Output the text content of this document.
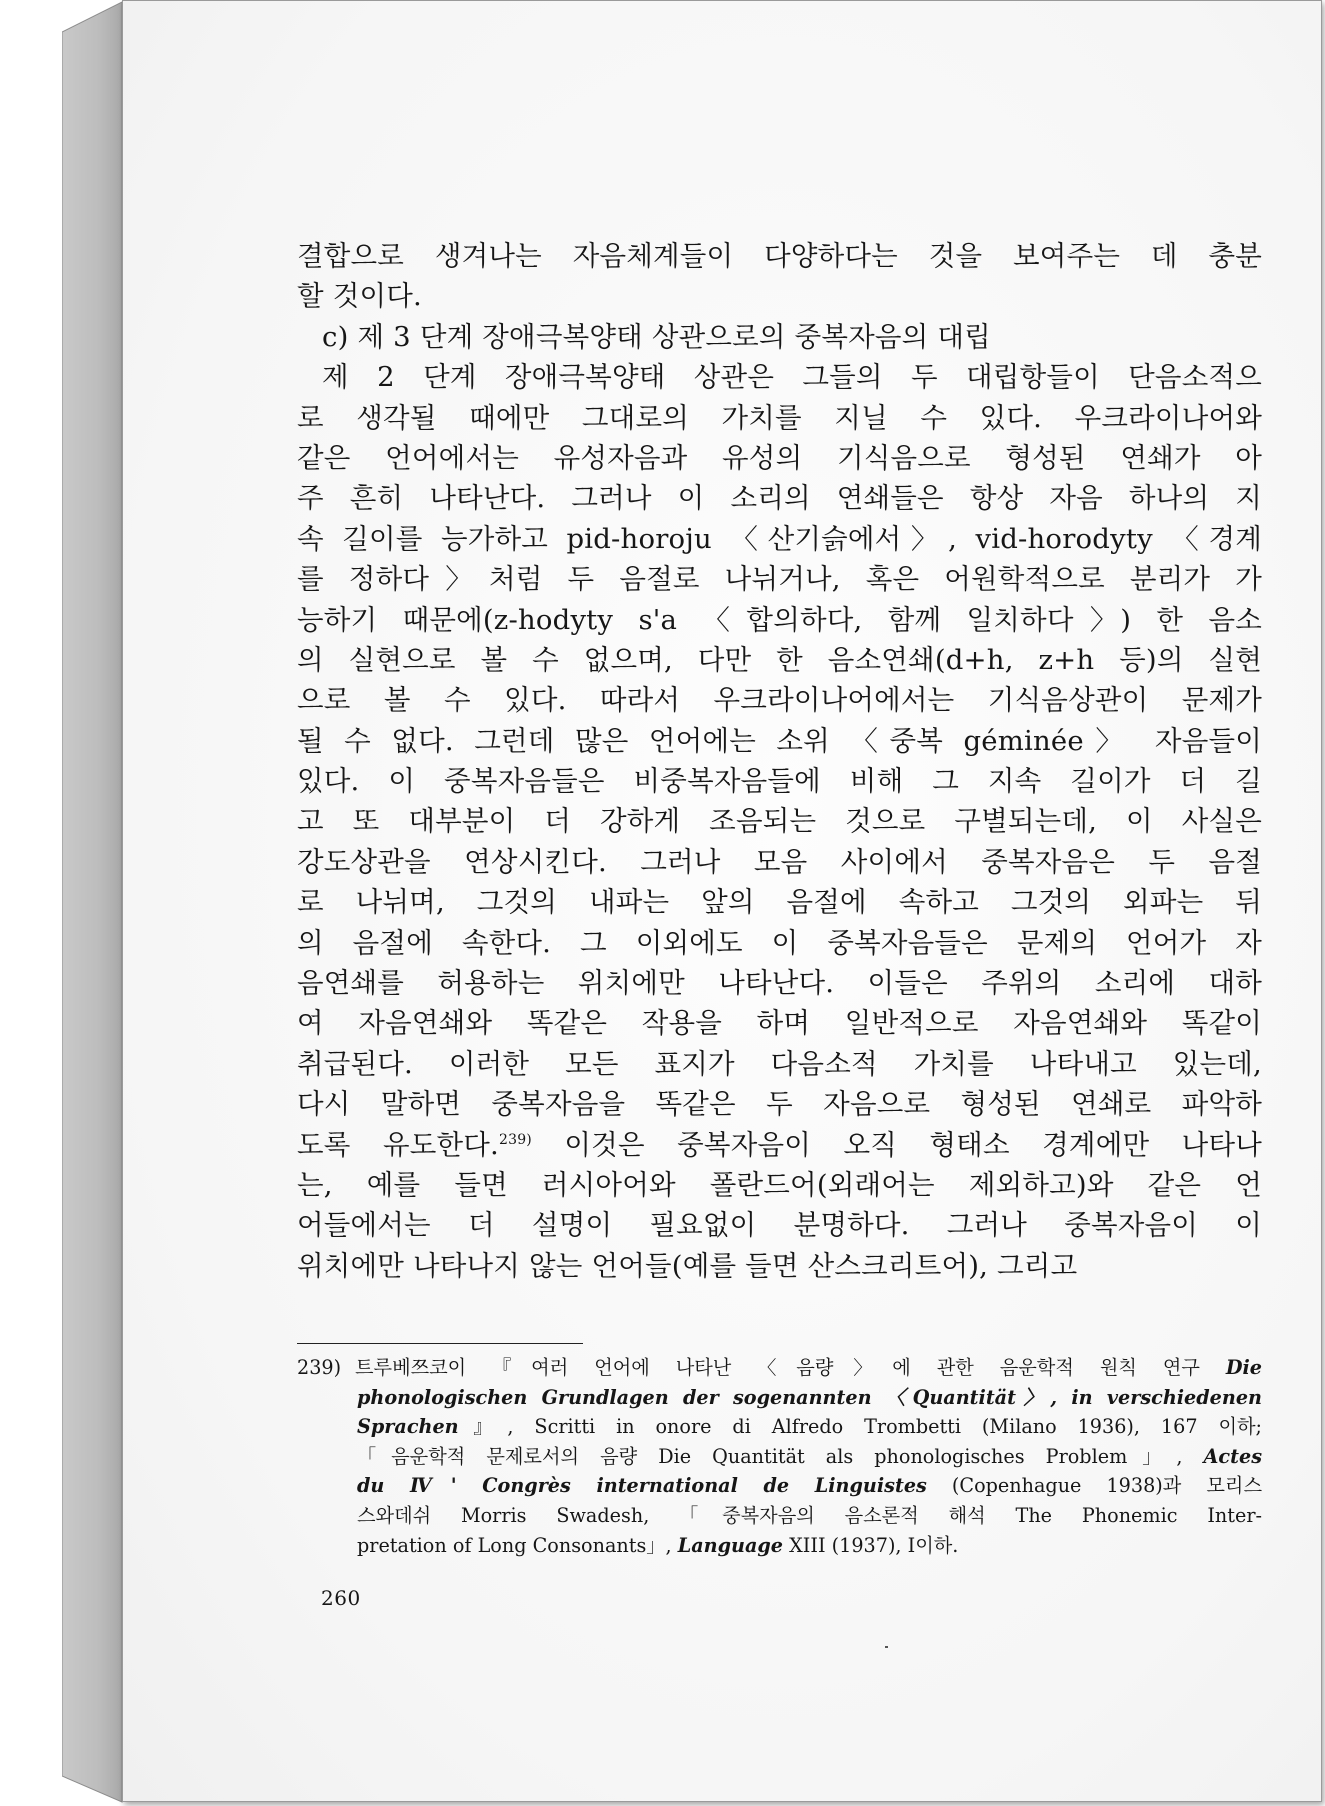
결합으로 생겨나는 자음체계들이 다양하다는 것을 보여주는 데 충분
할 것이다.
c) 제 3 단계 장애극복양태 상관으로의 중복자음의 대립
제 2 단계 장애극복양태 상관은 그들의 두 대립항들이 단음소적으
로 생각될 때에만 그대로의 가치를 지닐 수 있다. 우크라이나어와
같은 언어에서는 유성자음과 유성의 기식음으로 형성된 연쇄가 아
주 흔히 나타난다. 그러나 이 소리의 연쇄들은 항상 자음 하나의 지
속 길이를 능가하고 pid-horoju 〈산기슭에서〉, vid-horodyty 〈경계
를 정하다〉처럼 두 음절로 나뉘거나, 혹은 어원학적으로 분리가 가
능하기 때문에(z-hodyty s'a 〈합의하다, 함께 일치하다〉) 한 음소
의 실현으로 볼 수 없으며, 다만 한 음소연쇄(d+h, z+h 등)의 실현
으로 볼 수 있다. 따라서 우크라이나어에서는 기식음상관이 문제가
될 수 없다. 그런데 많은 언어에는 소위 〈중복 géminée〉 자음들이
있다. 이 중복자음들은 비중복자음들에 비해 그 지속 길이가 더 길
고 또 대부분이 더 강하게 조음되는 것으로 구별되는데, 이 사실은
강도상관을 연상시킨다. 그러나 모음 사이에서 중복자음은 두 음절
로 나뉘며, 그것의 내파는 앞의 음절에 속하고 그것의 외파는 뒤
의 음절에 속한다. 그 이외에도 이 중복자음들은 문제의 언어가 자
음연쇄를 허용하는 위치에만 나타난다. 이들은 주위의 소리에 대하
여 자음연쇄와 똑같은 작용을 하며 일반적으로 자음연쇄와 똑같이
취급된다. 이러한 모든 표지가 다음소적 가치를 나타내고 있는데,
다시 말하면 중복자음을 똑같은 두 자음으로 형성된 연쇄로 파악하
도록 유도한다.$^{239)}$ 이것은 중복자음이 오직 형태소 경계에만 나타나
는, 예를 들면 러시아어와 폴란드어(외래어는 제외하고)와 같은 언
어들에서는 더 설명이 필요없이 분명하다. 그러나 중복자음이 이
위치에만 나타나지 않는 언어들(예를 들면 산스크리트어), 그리고
239) 트루베쯔코이 『여러 언어에 나타난 〈음량〉에 관한 음운학적 원칙 연구 Die
phonologischen Grundlagen der sogenannten 〈Quantität〉, in verschiedenen
Sprachen』, Scritti in onore di Alfredo Trombetti (Milano 1936), 167 이하;
「음운학적 문제로서의 음량 Die Quantität als phonologisches Problem」, Actes
du Ⅳ' Congrès international de Linguistes (Copenhague 1938)과 모리스
스와데쉬 Morris Swadesh, 「중복자음의 음소론적 해석 The Phonemic Inter-
pretation of Long Consonants」, Language XIII (1937), Ⅰ이하.
260
